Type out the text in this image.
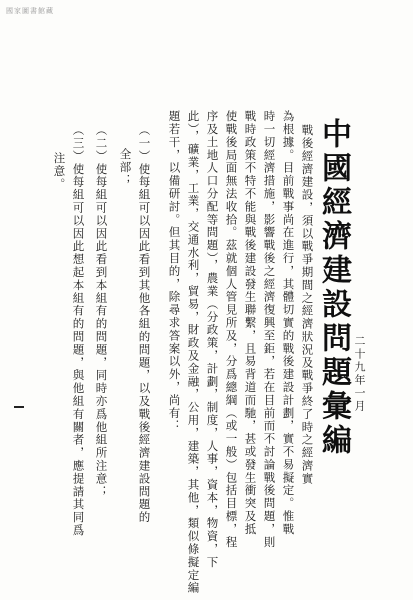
國家圖書館藏
中國經濟建設問題彙編 二十九年一月
戰後經濟建設，須以戰爭期間之經濟狀況及戰爭終了時之經濟實
為根據。目前戰事尚在進行，其體切實的戰後建設計劃，實不易擬定。惟戰
時一切經濟措施，影響戰後之經濟復興至鉅，若在目前而不討論戰後問題，則
戰時政策不特不能與戰後建設發生聯繫，且易背道而馳，甚或發生衝突及抵
使戰後局面無法收拾。茲就個人管見所及，分爲總綱（或一般）包括目標，程
序及土地人口分配等問題），農業（分政策，計劃，制度，人事，資本，物資，下
此），礦業，工業，交通水利，貿易，財政及金融，公用，建築，其他，類似條擬定編
題若干，以備研討。但其目的，除尋求答案以外，尚有：
（一）使每組可以因此看到其他各組的問題，以及戰後經濟建設問題的
全部；
（二）使每組可以因此看到本組有的問題，同時亦爲他組所注意；
（三）使每組可以因此想起本組有的問題，與他組有關者，應提請其同爲
注意。
